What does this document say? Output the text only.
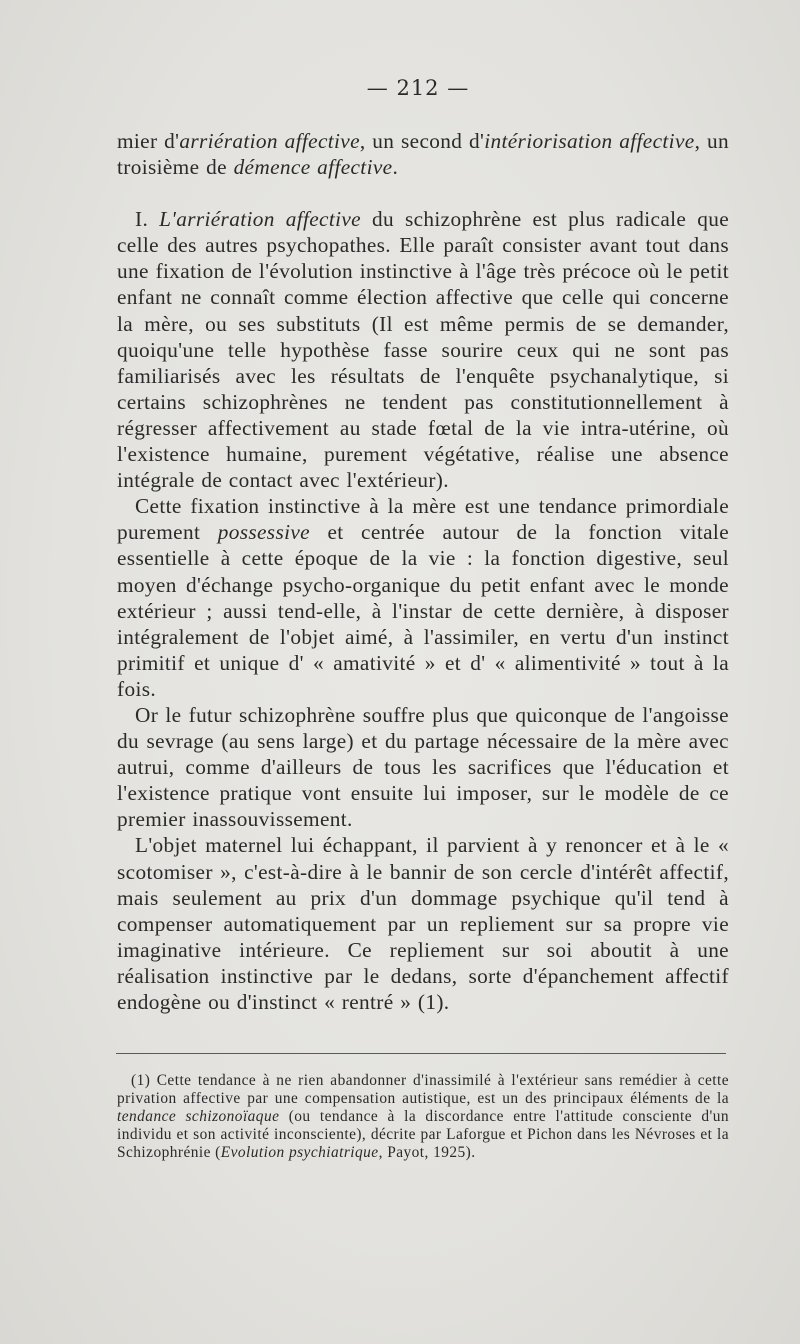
— 212 —

mier d'arriération affective, un second d'intériorisation affective, un troisième de démence affective.

I. L'arriération affective du schizophrène est plus radicale que celle des autres psychopathes. Elle paraît consister avant tout dans une fixation de l'évolution instinctive à l'âge très précoce où le petit enfant ne connaît comme élection affective que celle qui concerne la mère, ou ses substituts (Il est même permis de se demander, quoiqu'une telle hypothèse fasse sourire ceux qui ne sont pas familiarisés avec les résultats de l'enquête psychanalytique, si certains schizophrènes ne tendent pas constitutionnellement à régresser affectivement au stade fœtal de la vie intra-utérine, où l'existence humaine, purement végétative, réalise une absence intégrale de contact avec l'extérieur).

Cette fixation instinctive à la mère est une tendance primordiale purement possessive et centrée autour de la fonction vitale essentielle à cette époque de la vie : la fonction digestive, seul moyen d'échange psycho-organique du petit enfant avec le monde extérieur ; aussi tend-elle, à l'instar de cette dernière, à disposer intégralement de l'objet aimé, à l'assimiler, en vertu d'un instinct primitif et unique d' « amativité » et d' « alimentivité » tout à la fois.

Or le futur schizophrène souffre plus que quiconque de l'angoisse du sevrage (au sens large) et du partage nécessaire de la mère avec autrui, comme d'ailleurs de tous les sacrifices que l'éducation et l'existence pratique vont ensuite lui imposer, sur le modèle de ce premier inassouvissement.

L'objet maternel lui échappant, il parvient à y renoncer et à le « scotomiser », c'est-à-dire à le bannir de son cercle d'intérêt affectif, mais seulement au prix d'un dommage psychique qu'il tend à compenser automatiquement par un repliement sur sa propre vie imaginative intérieure. Ce repliement sur soi aboutit à une réalisation instinctive par le dedans, sorte d'épanchement affectif endogène ou d'instinct « rentré » (1).

(1) Cette tendance à ne rien abandonner d'inassimilé à l'extérieur sans remédier à cette privation affective par une compensation autistique, est un des principaux éléments de la tendance schizonoïaque (ou tendance à la discordance entre l'attitude consciente d'un individu et son activité inconsciente), décrite par Laforgue et Pichon dans les Névroses et la Schizophrénie (Evolution psychiatrique, Payot, 1925).
